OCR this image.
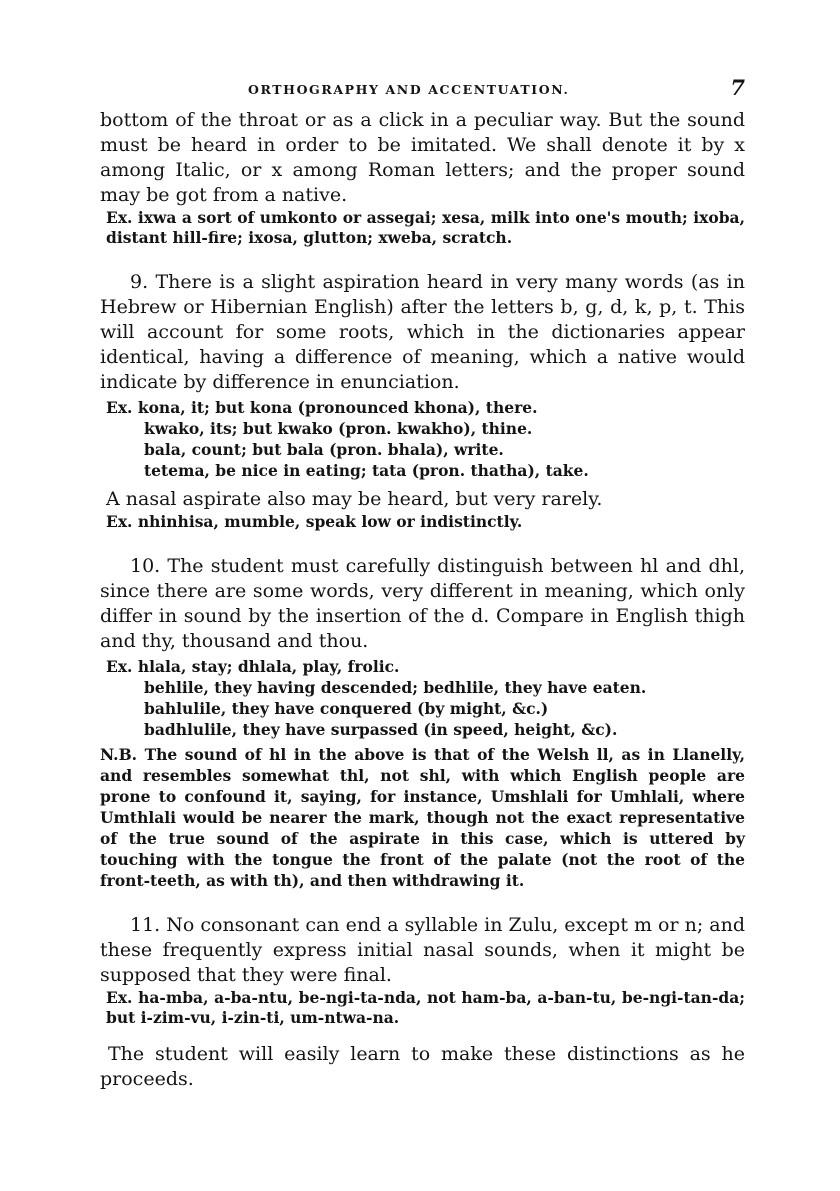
ORTHOGRAPHY AND ACCENTUATION.	7

bottom of the throat or as a click in a peculiar way. But the sound must be heard in order to be imitated. We shall denote it by x among Italic, or x among Roman letters; and the proper sound may be got from a native.

Ex. ixwa a sort of umkonto or assegai; xesa, milk into one's mouth; ixoba, distant hill-fire; ixosa, glutton; xweba, scratch.

9. There is a slight aspiration heard in very many words (as in Hebrew or Hibernian English) after the letters b, g, d, k, p, t. This will account for some roots, which in the dictionaries appear identical, having a difference of meaning, which a native would indicate by difference in enunciation.

Ex. kona, it; but kona (pronounced khona), there.
kwako, its; but kwako (pron. kwakho), thine.
bala, count; but bala (pron. bhala), write.
tetema, be nice in eating; tata (pron. thatha), take.

A nasal aspirate also may be heard, but very rarely.

Ex. nhinhisa, mumble, speak low or indistinctly.

10. The student must carefully distinguish between hl and dhl, since there are some words, very different in meaning, which only differ in sound by the insertion of the d. Compare in English thigh and thy, thousand and thou.

Ex. hlala, stay; dhlala, play, frolic.
behlile, they having descended; bedhlile, they have eaten.
bahlulile, they have conquered (by might, &c.)
badhlulile, they have surpassed (in speed, height, &c).

N.B. The sound of hl in the above is that of the Welsh ll, as in Llanelly, and resembles somewhat thl, not shl, with which English people are prone to confound it, saying, for instance, Umshlali for Umhlali, where Umthlali would be nearer the mark, though not the exact representative of the true sound of the aspirate in this case, which is uttered by touching with the tongue the front of the palate (not the root of the front-teeth, as with th), and then withdrawing it.

11. No consonant can end a syllable in Zulu, except m or n; and these frequently express initial nasal sounds, when it might be supposed that they were final.

Ex. ha-mba, a-ba-ntu, be-ngi-ta-nda, not ham-ba, a-ban-tu, be-ngi-tan-da; but i-zim-vu, i-zin-ti, um-ntwa-na.

The student will easily learn to make these distinctions as he proceeds.
